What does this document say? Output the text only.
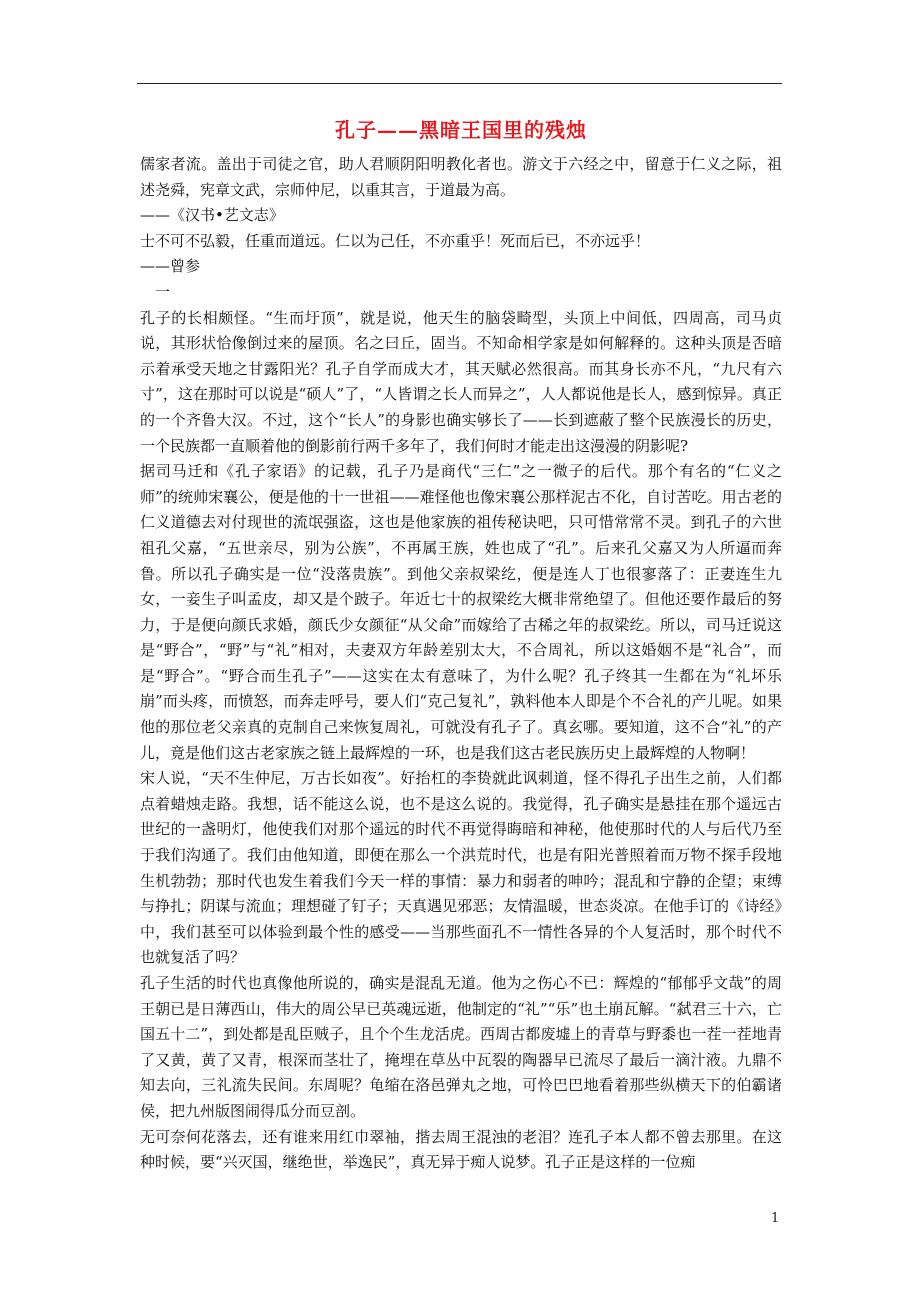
孔子——黑暗王国里的残烛

儒家者流。盖出于司徒之官，助人君顺阴阳明教化者也。游文于六经之中，留意于仁义之际，祖述尧舜，宪章文武，宗师仲尼，以重其言，于道最为高。

——《汉书•艺文志》

士不可不弘毅，任重而道远。仁以为己任，不亦重乎！死而后已，不亦远乎！

——曾参

一

孔子的长相颇怪。“生而圩顶”，就是说，他天生的脑袋畸型，头顶上中间低，四周高，司马贞说，其形状恰像倒过来的屋顶。名之曰丘，固当。不知命相学家是如何解释的。这种头顶是否暗示着承受天地之甘露阳光？孔子自学而成大才，其天赋必然很高。而其身长亦不凡，“九尺有六寸”，这在那时可以说是“硕人”了，“人皆谓之长人而异之”，人人都说他是长人，感到惊异。真正的一个齐鲁大汉。不过，这个“长人”的身影也确实够长了——长到遮蔽了整个民族漫长的历史，一个民族都一直顺着他的倒影前行两千多年了，我们何时才能走出这漫漫的阴影呢?

据司马迁和《孔子家语》的记载，孔子乃是商代“三仁”之一微子的后代。那个有名的“仁义之师”的统帅宋襄公，便是他的十一世祖——难怪他也像宋襄公那样泥古不化，自讨苦吃。用古老的仁义道德去对付现世的流氓强盗，这也是他家族的祖传秘诀吧，只可惜常常不灵。到孔子的六世祖孔父嘉，“五世亲尽，别为公族”，不再属王族，姓也成了“孔”。后来孔父嘉又为人所逼而奔鲁。所以孔子确实是一位“没落贵族”。到他父亲叔梁纥，便是连人丁也很寥落了：正妻连生九女，一妾生子叫孟皮，却又是个跛子。年近七十的叔梁纥大概非常绝望了。但他还要作最后的努力，于是便向颜氏求婚，颜氏少女颜征“从父命”而嫁给了古稀之年的叔梁纥。所以，司马迁说这是“野合”，“野”与“礼”相对，夫妻双方年龄差别太大，不合周礼，所以这婚姻不是“礼合”，而是“野合”。“野合而生孔子”——这实在太有意味了，为什么呢？孔子终其一生都在为“礼坏乐崩”而头疼，而愤怒，而奔走呼号，要人们“克己复礼”，孰料他本人即是个不合礼的产儿呢。如果他的那位老父亲真的克制自己来恢复周礼，可就没有孔子了。真玄哪。要知道，这不合“礼”的产儿，竟是他们这古老家族之链上最辉煌的一环，也是我们这古老民族历史上最辉煌的人物啊！

宋人说，“天不生仲尼，万古长如夜”。好抬杠的李贽就此讽刺道，怪不得孔子出生之前，人们都点着蜡烛走路。我想，话不能这么说，也不是这么说的。我觉得，孔子确实是悬挂在那个遥远古世纪的一盏明灯，他使我们对那个遥远的时代不再觉得晦暗和神秘，他使那时代的人与后代乃至于我们沟通了。我们由他知道，即便在那么一个洪荒时代，也是有阳光普照着而万物不探手段地生机勃勃；那时代也发生着我们今天一样的事情：暴力和弱者的呻吟；混乱和宁静的企望；束缚与挣扎；阴谋与流血；理想碰了钉子；天真遇见邪恶；友情温暖，世态炎凉。在他手订的《诗经》中，我们甚至可以体验到最个性的感受——当那些面孔不一情性各异的个人复活时，那个时代不也就复活了吗？

孔子生活的时代也真像他所说的，确实是混乱无道。他为之伤心不已：辉煌的“郁郁乎文哉”的周王朝已是日薄西山，伟大的周公早已英魂远逝，他制定的“礼”“乐”也土崩瓦解。“弑君三十六，亡国五十二”，到处都是乱臣贼子，且个个生龙活虎。西周古都废墟上的青草与野黍也一茬一茬地青了又黄，黄了又青，根深而茎壮了，掩埋在草丛中瓦裂的陶器早已流尽了最后一滴汁液。九鼎不知去向，三礼流失民间。东周呢？龟缩在洛邑弹丸之地，可怜巴巴地看着那些纵横天下的伯霸诸侯，把九州版图闹得瓜分而豆剖。

无可奈何花落去，还有谁来用红巾翠袖，揩去周王混浊的老泪？连孔子本人都不曾去那里。在这种时候，要“兴灭国，继绝世，举逸民”，真无异于痴人说梦。孔子正是这样的一位痴

1
